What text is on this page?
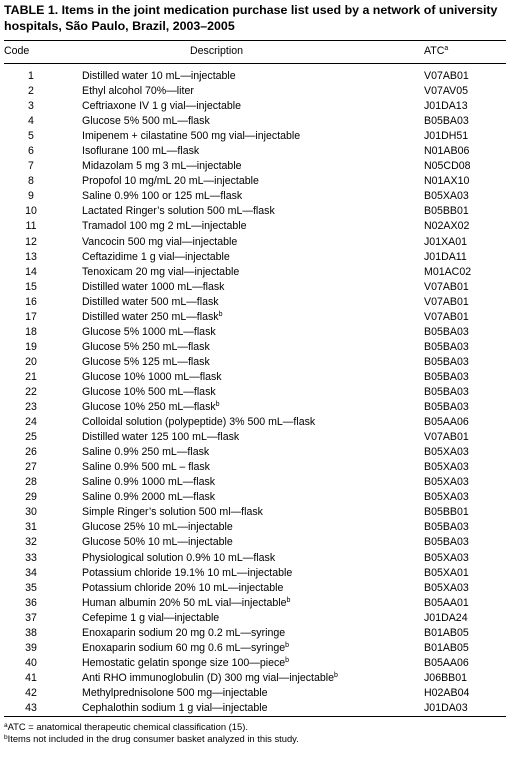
TABLE 1. Items in the joint medication purchase list used by a network of university hospitals, São Paulo, Brazil, 2003–2005
Code	Description	ATC$^a$

1	Distilled water 10 mL—injectable	V07AB01
2	Ethyl alcohol 70%—liter	V07AV05
3	Ceftriaxone IV 1 g vial—injectable	J01DA13
4	Glucose 5% 500 mL—flask	B05BA03
5	Imipenem + cilastatine 500 mg vial—injectable	J01DH51
6	Isoflurane 100 mL—flask	N01AB06
7	Midazolam 5 mg 3 mL—injectable	N05CD08
8	Propofol 10 mg/mL 20 mL—injectable	N01AX10
9	Saline 0.9% 100 or 125 mL—flask	B05XA03
10	Lactated Ringer’s solution 500 mL—flask	B05BB01
11	Tramadol 100 mg 2 mL—injectable	N02AX02
12	Vancocin 500 mg vial—injectable	J01XA01
13	Ceftazidime 1 g vial—injectable	J01DA11
14	Tenoxicam 20 mg vial—injectable	M01AC02
15	Distilled water 1000 mL—flask	V07AB01
16	Distilled water 500 mL—flask	V07AB01
17	Distilled water 250 mL—flask$^b$	V07AB01
18	Glucose 5% 1000 mL—flask	B05BA03
19	Glucose 5% 250 mL—flask	B05BA03
20	Glucose 5% 125 mL—flask	B05BA03
21	Glucose 10% 1000 mL—flask	B05BA03
22	Glucose 10% 500 mL—flask	B05BA03
23	Glucose 10% 250 mL—flask$^b$	B05BA03
24	Colloidal solution (polypeptide) 3% 500 mL—flask	B05AA06
25	Distilled water 125 100 mL—flask	V07AB01
26	Saline 0.9% 250 mL—flask	B05XA03
27	Saline 0.9% 500 mL – flask	B05XA03
28	Saline 0.9% 1000 mL—flask	B05XA03
29	Saline 0.9% 2000 mL—flask	B05XA03
30	Simple Ringer’s solution 500 ml—flask	B05BB01
31	Glucose 25% 10 mL—injectable	B05BA03
32	Glucose 50% 10 mL—injectable	B05BA03
33	Physiological solution 0.9% 10 mL—flask	B05XA03
34	Potassium chloride 19.1% 10 mL—injectable	B05XA01
35	Potassium chloride 20% 10 mL—injectable	B05XA03
36	Human albumin 20% 50 mL vial—injectable$^b$	B05AA01
37	Cefepime 1 g vial—injectable	J01DA24
38	Enoxaparin sodium 20 mg 0.2 mL—syringe	B01AB05
39	Enoxaparin sodium 60 mg 0.6 mL—syringe$^b$	B01AB05
40	Hemostatic gelatin sponge size 100—piece$^b$	B05AA06
41	Anti RHO immunoglobulin (D) 300 mg vial—injectable$^b$	J06BB01
42	Methylprednisolone 500 mg—injectable	H02AB04
43	Cephalothin sodium 1 g vial—injectable	J01DA03
$^a$ATC = anatomical therapeutic chemical classification (15).
$^b$Items not included in the drug consumer basket analyzed in this study.
